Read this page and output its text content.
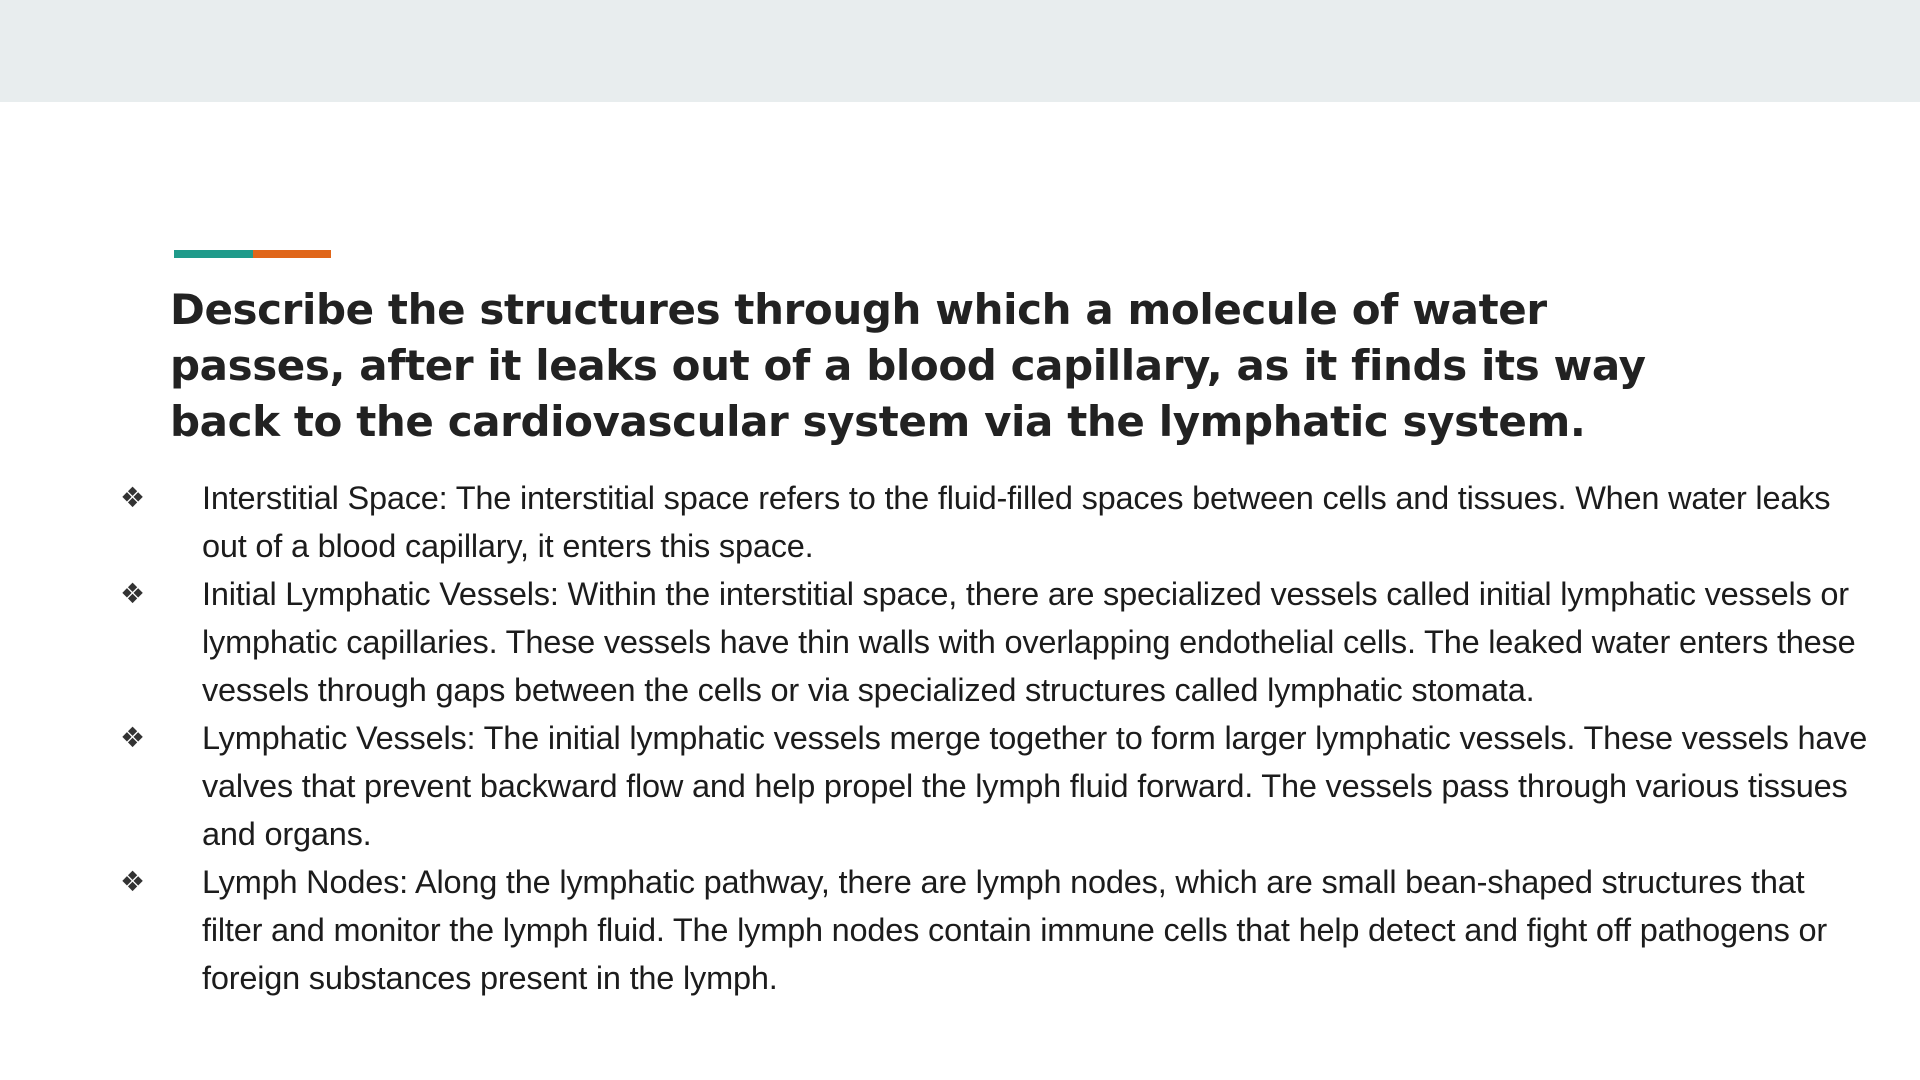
Describe the structures through which a molecule of water passes, after it leaks out of a blood capillary, as it finds its way back to the cardiovascular system via the lymphatic system.
❖	Interstitial Space: The interstitial space refers to the fluid-filled spaces between cells and tissues. When water leaks out of a blood capillary, it enters this space.
❖	Initial Lymphatic Vessels: Within the interstitial space, there are specialized vessels called initial lymphatic vessels or lymphatic capillaries. These vessels have thin walls with overlapping endothelial cells. The leaked water enters these vessels through gaps between the cells or via specialized structures called lymphatic stomata.
❖	Lymphatic Vessels: The initial lymphatic vessels merge together to form larger lymphatic vessels. These vessels have valves that prevent backward flow and help propel the lymph fluid forward. The vessels pass through various tissues and organs.
❖	Lymph Nodes: Along the lymphatic pathway, there are lymph nodes, which are small bean-shaped structures that filter and monitor the lymph fluid. The lymph nodes contain immune cells that help detect and fight off pathogens or foreign substances present in the lymph.
